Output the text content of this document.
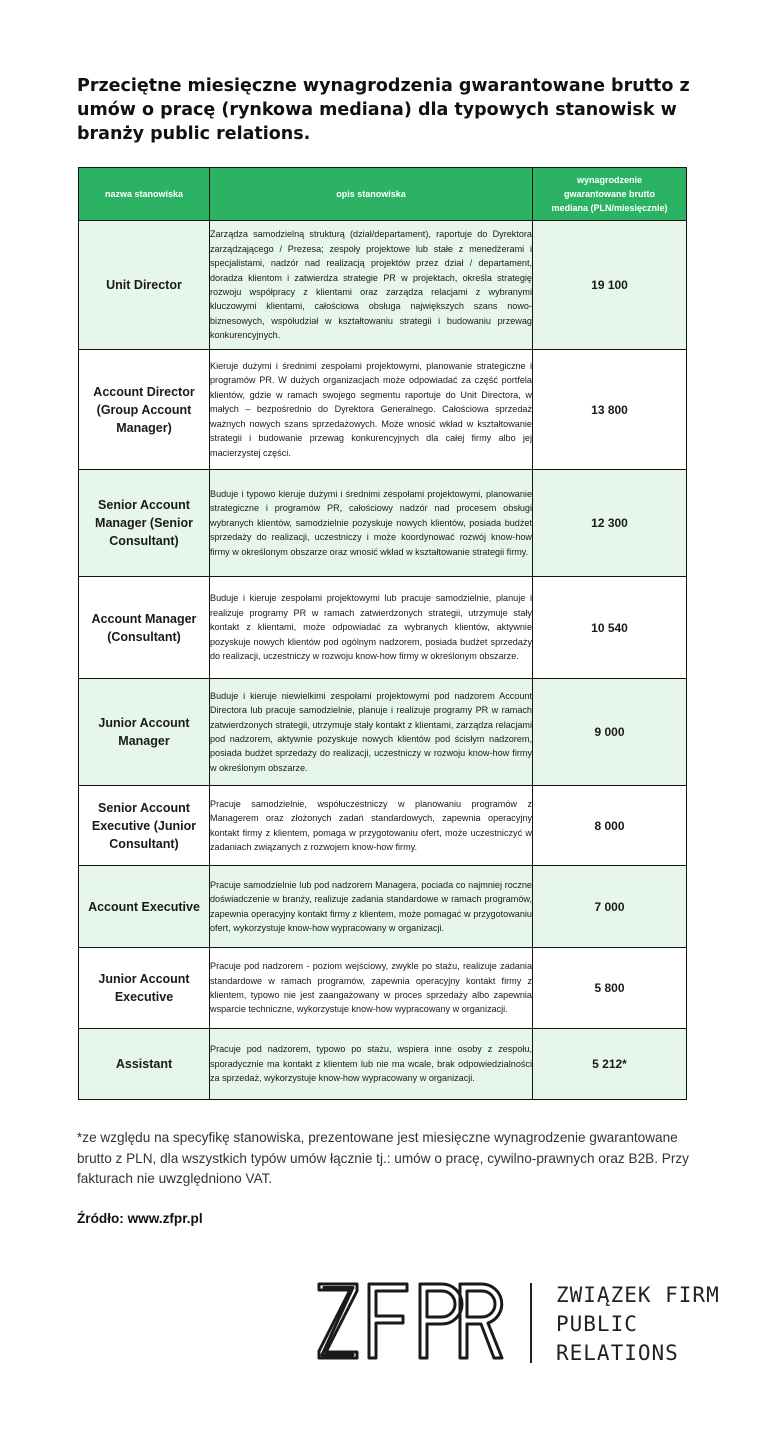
Przeciętne miesięczne wynagrodzenia gwarantowane brutto z umów o pracę (rynkowa mediana) dla typowych stanowisk w branży public relations.
nazwa stanowiska	opis stanowiska	wynagrodzenie gwarantowane brutto mediana (PLN/miesięcznie)
Unit Director	Zarządza samodzielną strukturą (dział/departament), raportuje do Dyrektora zarządzającego / Prezesa; zespoły projektowe lub stałe z menedżerami i specjalistami, nadzór nad realizacją projektów przez dział / departament, doradza klientom i zatwierdza strategie PR w projektach, określa strategię rozwoju współpracy z klientami oraz zarządza relacjami z wybranymi kluczowymi klientami, całościowa obsługa największych szans nowo- biznesowych, współudział w kształtowaniu strategii i budowaniu przewag konkurencyjnych.	19 100
Account Director (Group Account Manager)	Kieruje dużymi i średnimi zespołami projektowymi, planowanie strategiczne i programów PR. W dużych organizacjach może odpowiadać za część portfela klientów, gdzie w ramach swojego segmentu raportuje do Unit Directora, w małych – bezpośrednio do Dyrektora Generalnego. Całościowa sprzedaż ważnych nowych szans sprzedażowych. Może wnosić wkład w kształtowanie strategii i budowanie przewag konkurencyjnych dla całej firmy albo jej macierzystej części.	13 800
Senior Account Manager (Senior Consultant)	Buduje i typowo kieruje dużymi i średnimi zespołami projektowymi, planowanie strategiczne i programów PR, całościowy nadzór nad procesem obsługi wybranych klientów, samodzielnie pozyskuje nowych klientów, posiada budżet sprzedaży do realizacji, uczestniczy i może koordynować rozwój know-how firmy w określonym obszarze oraz wnosić wkład w kształtowanie strategii firmy.	12 300
Account Manager (Consultant)	Buduje i kieruje zespołami projektowymi lub pracuje samodzielnie, planuje i realizuje programy PR w ramach zatwierdzonych strategii, utrzymuje stały kontakt z klientami, może odpowiadać za wybranych klientów, aktywnie pozyskuje nowych klientów pod ogólnym nadzorem, posiada budżet sprzedaży do realizacji, uczestniczy w rozwoju know-how firmy w określonym obszarze.	10 540
Junior Account Manager	Buduje i kieruje niewielkimi zespołami projektowymi pod nadzorem Account Directora lub pracuje samodzielnie, planuje i realizuje programy PR w ramach zatwierdzonych strategii, utrzymuje stały kontakt z klientami, zarządza relacjami pod nadzorem, aktywnie pozyskuje nowych klientów pod ścisłym nadzorem, posiada budżet sprzedaży do realizacji, uczestniczy w rozwoju know-how firmy w określonym obszarze.	9 000
Senior Account Executive (Junior Consultant)	Pracuje samodzielnie, współuczestniczy w planowaniu programów z Managerem oraz złożonych zadań standardowych, zapewnia operacyjny kontakt firmy z klientem, pomaga w przygotowaniu ofert, może uczestniczyć w zadaniach związanych z rozwojem know-how firmy.	8 000
Account Executive	Pracuje samodzielnie lub pod nadzorem Managera, pociada co najmniej roczne doświadczenie w branży, realizuje zadania standardowe w ramach programów, zapewnia operacyjny kontakt firmy z klientem, może pomagać w przygotowaniu ofert, wykorzystuje know-how wypracowany w organizacji.	7 000
Junior Account Executive	Pracuje pod nadzorem - poziom wejściowy, zwykle po stażu, realizuje zadania standardowe w ramach programów, zapewnia operacyjny kontakt firmy z klientem, typowo nie jest zaangażowany w proces sprzedaży albo zapewnia wsparcie techniczne, wykorzystuje know-how wypracowany w organizacji.	5 800
Assistant	Pracuje pod nadzorem, typowo po stażu, wspiera inne osoby z zespołu, sporadycznie ma kontakt z klientem lub nie ma wcale, brak odpowiedzialności za sprzedaż, wykorzystuje know-how wypracowany w organizacji.	5 212*
*ze względu na specyfikę stanowiska, prezentowane jest miesięczne wynagrodzenie gwarantowane brutto z PLN, dla wszystkich typów umów łącznie tj.: umów o pracę, cywilno-prawnych oraz B2B. Przy fakturach nie uwzględniono VAT.
Źródło: www.zfpr.pl
ZWIĄZEK FIRM
PUBLIC
RELATIONS
